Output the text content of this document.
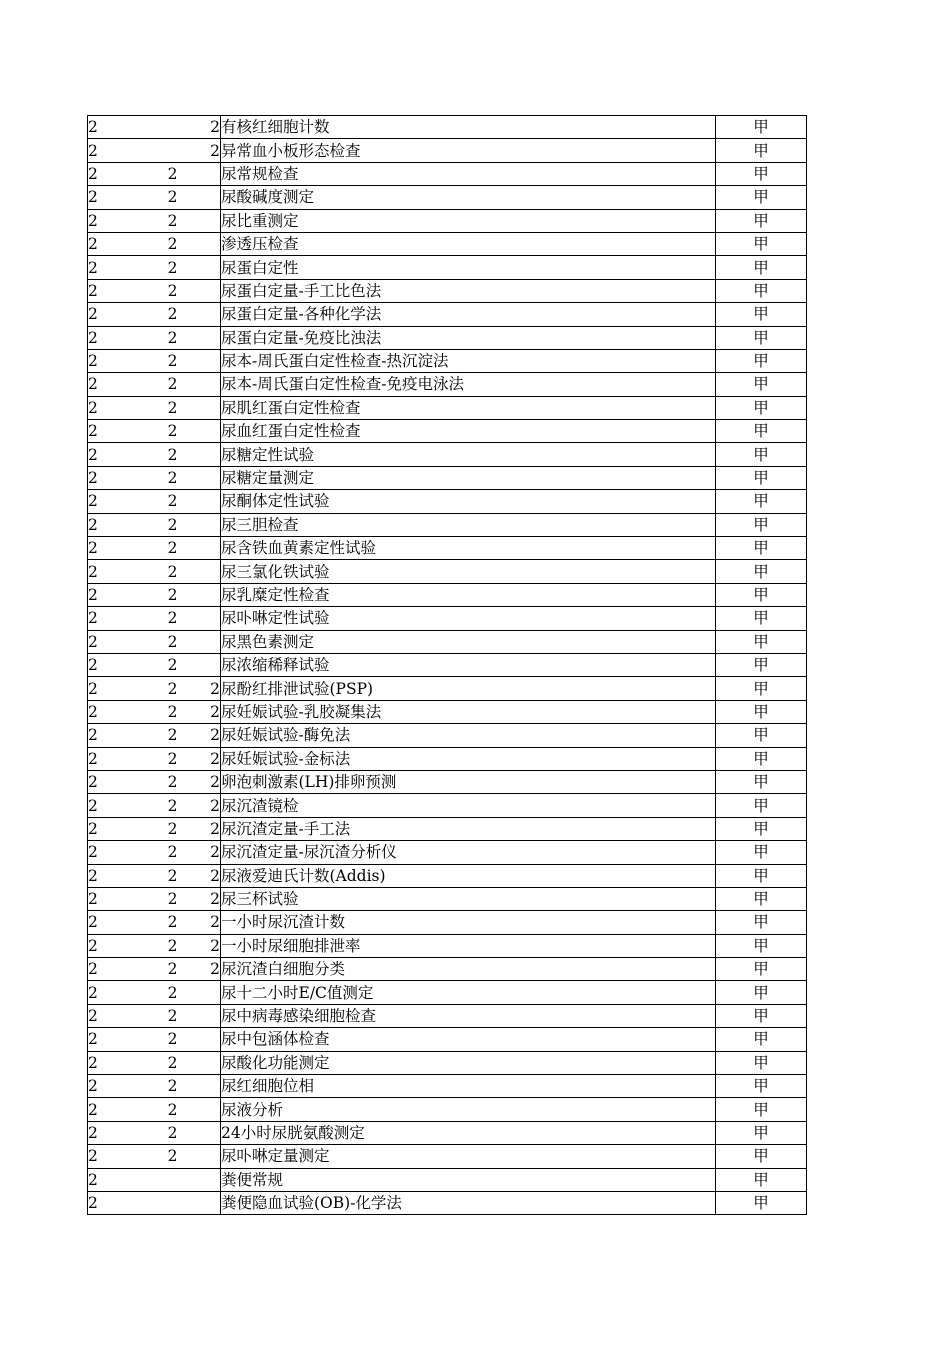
2		2	有核红细胞计数	甲
2		2	异常血小板形态检查	甲
2	2		尿常规检查	甲
2	2		尿酸碱度测定	甲
2	2		尿比重测定	甲
2	2		渗透压检查	甲
2	2		尿蛋白定性	甲
2	2		尿蛋白定量-手工比色法	甲
2	2		尿蛋白定量-各种化学法	甲
2	2		尿蛋白定量-免疫比浊法	甲
2	2		尿本-周氏蛋白定性检查-热沉淀法	甲
2	2		尿本-周氏蛋白定性检查-免疫电泳法	甲
2	2		尿肌红蛋白定性检查	甲
2	2		尿血红蛋白定性检查	甲
2	2		尿糖定性试验	甲
2	2		尿糖定量测定	甲
2	2		尿酮体定性试验	甲
2	2		尿三胆检查	甲
2	2		尿含铁血黄素定性试验	甲
2	2		尿三氯化铁试验	甲
2	2		尿乳糜定性检查	甲
2	2		尿卟啉定性试验	甲
2	2		尿黑色素测定	甲
2	2		尿浓缩稀释试验	甲
2	2	2	尿酚红排泄试验(PSP)	甲
2	2	2	尿妊娠试验-乳胶凝集法	甲
2	2	2	尿妊娠试验-酶免法	甲
2	2	2	尿妊娠试验-金标法	甲
2	2	2	卵泡刺激素(LH)排卵预测	甲
2	2	2	尿沉渣镜检	甲
2	2	2	尿沉渣定量-手工法	甲
2	2	2	尿沉渣定量-尿沉渣分析仪	甲
2	2	2	尿液爱迪氏计数(Addis)	甲
2	2	2	尿三杯试验	甲
2	2	2	一小时尿沉渣计数	甲
2	2	2	一小时尿细胞排泄率	甲
2	2	2	尿沉渣白细胞分类	甲
2	2		尿十二小时E/C值测定	甲
2	2		尿中病毒感染细胞检查	甲
2	2		尿中包涵体检查	甲
2	2		尿酸化功能测定	甲
2	2		尿红细胞位相	甲
2	2		尿液分析	甲
2	2		24小时尿胱氨酸测定	甲
2	2		尿卟啉定量测定	甲
2			粪便常规	甲
2			粪便隐血试验(OB)-化学法	甲
